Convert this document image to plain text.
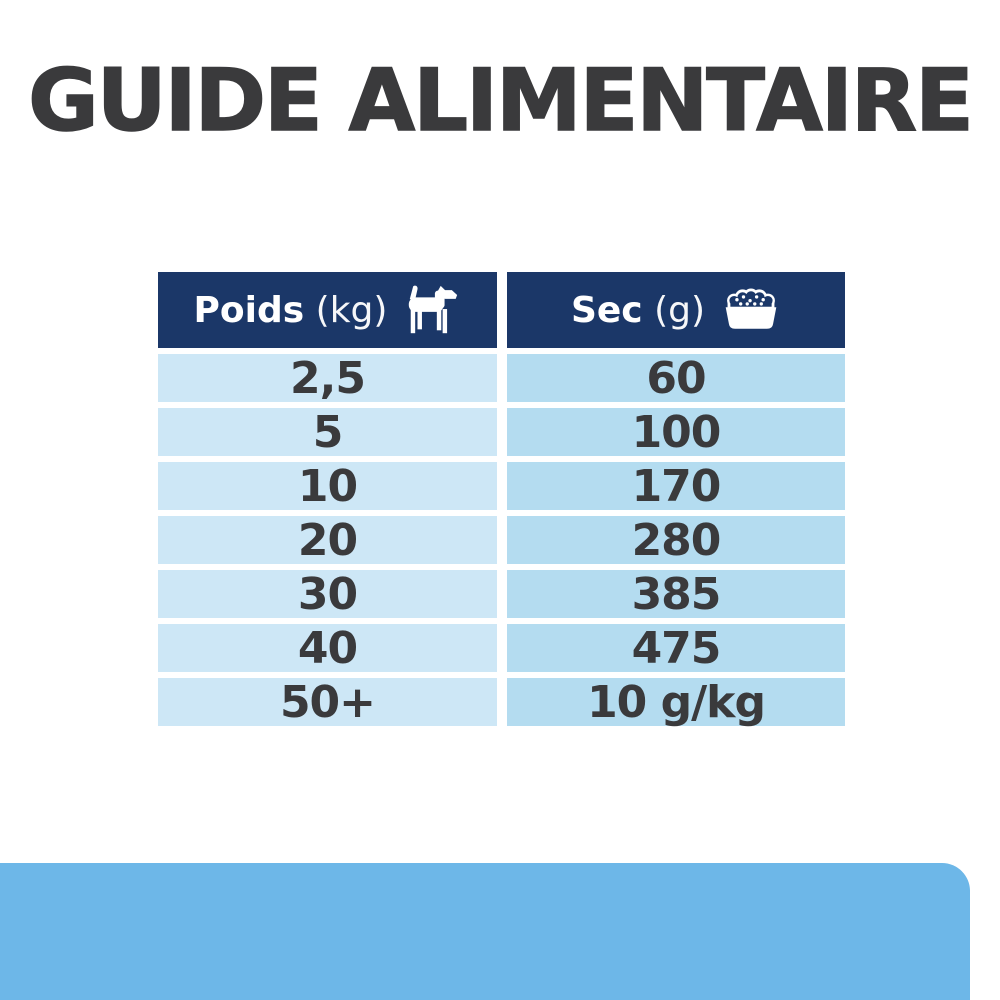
GUIDE ALIMENTAIRE
Poids (kg)	Sec (g)
2,5	60
5	100
10	170
20	280
30	385
40	475
50+	10 g/kg
